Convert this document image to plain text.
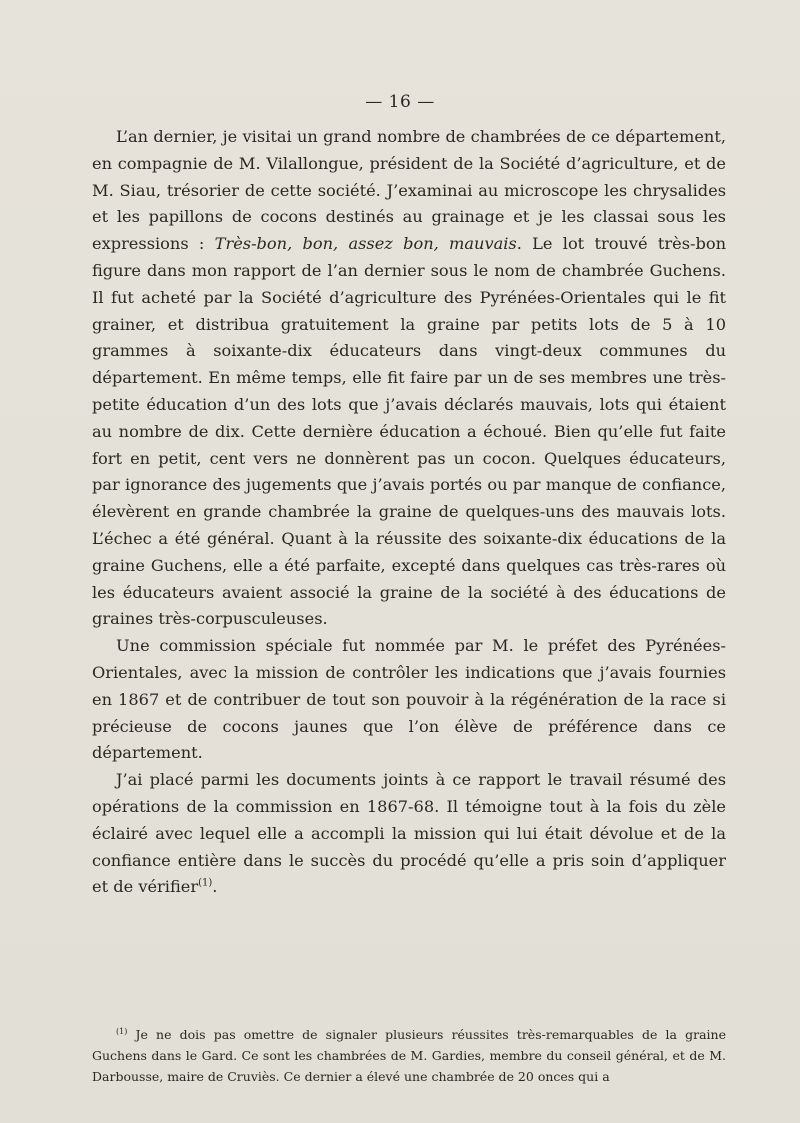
— 16 —

L’an dernier, je visitai un grand nombre de chambrées de ce département, en compagnie de M. Vilallongue, président de la Société d’agriculture, et de M. Siau, trésorier de cette société. J’examinai au microscope les chrysalides et les papillons de cocons destinés au grainage et je les classai sous les expressions : Très-bon, bon, assez bon, mauvais. Le lot trouvé très-bon figure dans mon rapport de l’an dernier sous le nom de chambrée Guchens. Il fut acheté par la Société d’agriculture des Pyrénées-Orientales qui le fit grainer, et distribua gratuitement la graine par petits lots de 5 à 10 grammes à soixante-dix éducateurs dans vingt-deux communes du département. En même temps, elle fit faire par un de ses membres une très-petite éducation d’un des lots que j’avais déclarés mauvais, lots qui étaient au nombre de dix. Cette dernière éducation a échoué. Bien qu’elle fut faite fort en petit, cent vers ne donnèrent pas un cocon. Quelques éducateurs, par ignorance des jugements que j’avais portés ou par manque de confiance, élevèrent en grande chambrée la graine de quelques-uns des mauvais lots. L’échec a été général. Quant à la réussite des soixante-dix éducations de la graine Guchens, elle a été parfaite, excepté dans quelques cas très-rares où les éducateurs avaient associé la graine de la société à des éducations de graines très-corpusculeuses.

Une commission spéciale fut nommée par M. le préfet des Pyrénées-Orientales, avec la mission de contrôler les indications que j’avais fournies en 1867 et de contribuer de tout son pouvoir à la régénération de la race si précieuse de cocons jaunes que l’on élève de préférence dans ce département.

J’ai placé parmi les documents joints à ce rapport le travail résumé des opérations de la commission en 1867-68. Il témoigne tout à la fois du zèle éclairé avec lequel elle a accompli la mission qui lui était dévolue et de la confiance entière dans le succès du procédé qu’elle a pris soin d’appliquer et de vérifier$^{(1)}$.

$^{(1)}$ Je ne dois pas omettre de signaler plusieurs réussites très-remarquables de la graine Guchens dans le Gard. Ce sont les chambrées de M. Gardies, membre du conseil général, et de M. Darbousse, maire de Cruviès. Ce dernier a élevé une chambrée de 20 onces qui a
